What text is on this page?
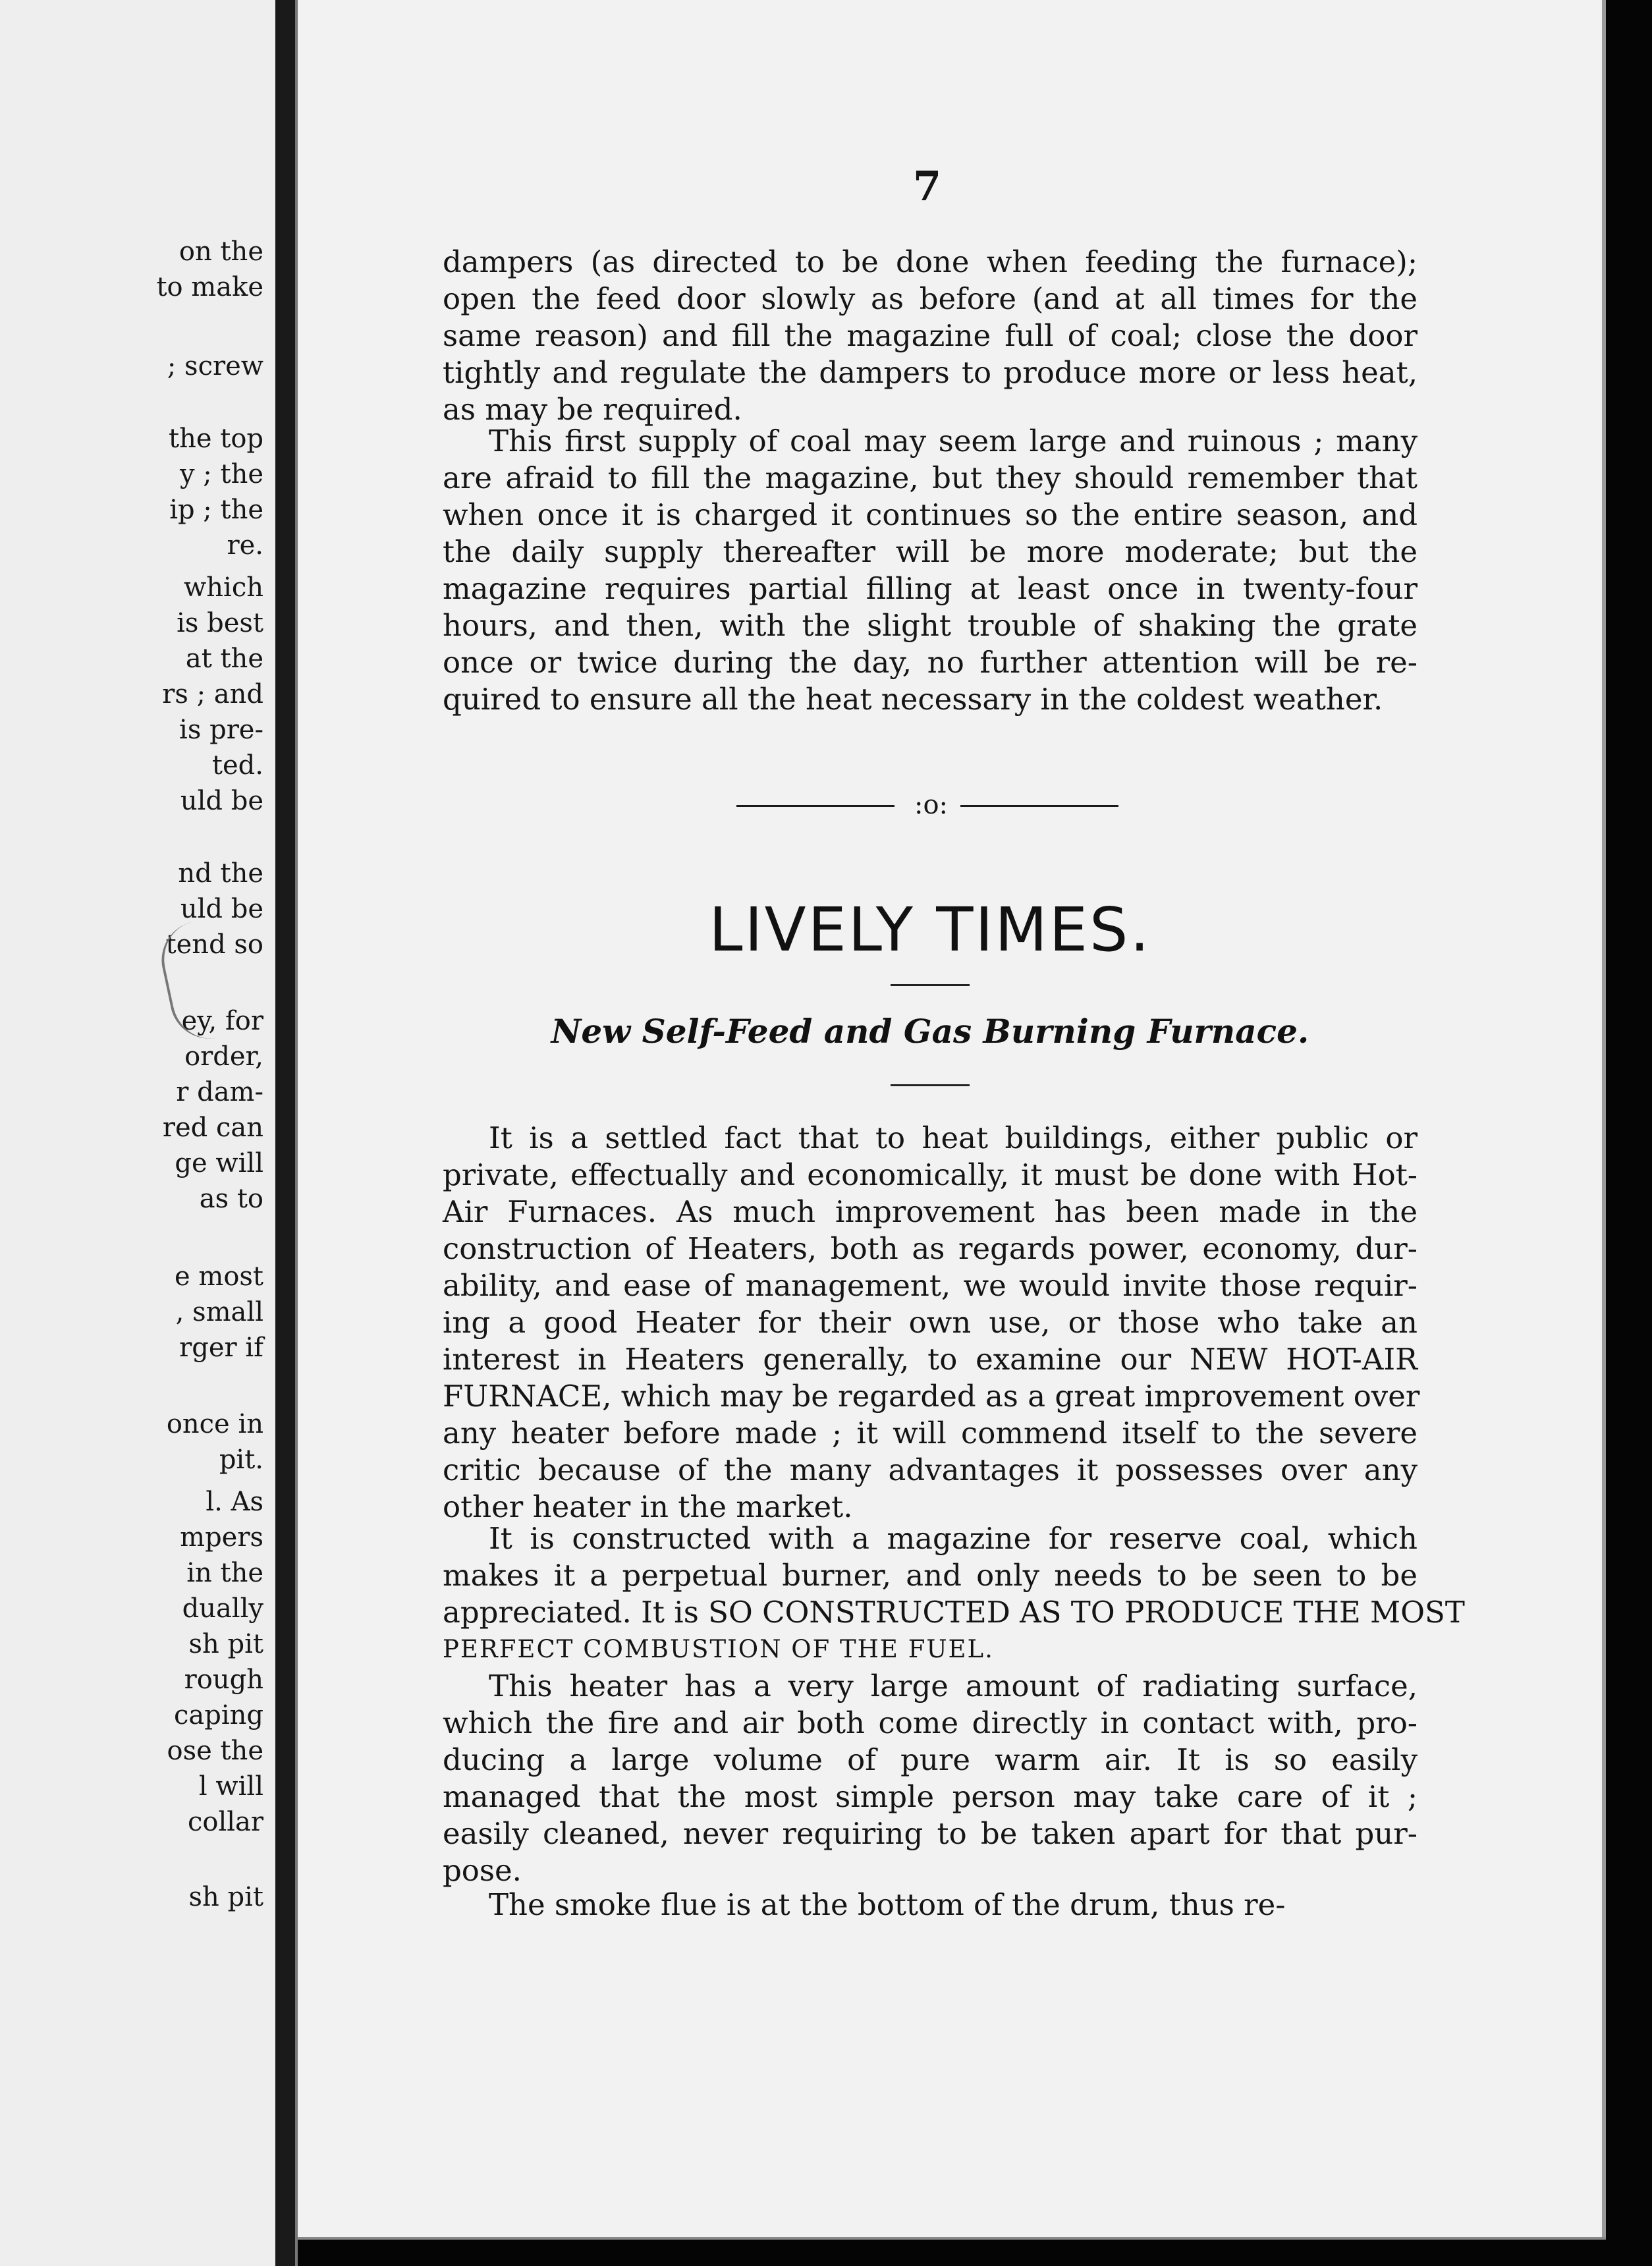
on the
to make
; screw
the top
y ; the
ip ; the
re.
which
is best
at the
rs ; and
is pre-
ted.
uld be
nd the
uld be
tend so
ey, for
order,
r dam-
red can
ge will
as to
e most
, small
rger if
once in
pit.
l. As
mpers
in the
dually
sh pit
rough
caping
ose the
l will
collar
sh pit
7
dampers (as directed to be done when feeding the furnace);
open the feed door slowly as before (and at all times for the
same reason) and fill the magazine full of coal; close the door
tightly and regulate the dampers to produce more or less heat,
as may be required.
This first supply of coal may seem large and ruinous ; many
are afraid to fill the magazine, but they should remember that
when once it is charged it continues so the entire season, and
the daily supply thereafter will be more moderate; but the
magazine requires partial filling at least once in twenty-four
hours, and then, with the slight trouble of shaking the grate
once or twice during the day, no further attention will be re-
quired to ensure all the heat necessary in the coldest weather.
:o:
LIVELY TIMES.
New Self-Feed and Gas Burning Furnace.
It is a settled fact that to heat buildings, either public or
private, effectually and economically, it must be done with Hot-
Air Furnaces. As much improvement has been made in the
construction of Heaters, both as regards power, economy, dur-
ability, and ease of management, we would invite those requir-
ing a good Heater for their own use, or those who take an
interest in Heaters generally, to examine our NEW HOT-AIR
FURNACE, which may be regarded as a great improvement over
any heater before made ; it will commend itself to the severe
critic because of the many advantages it possesses over any
other heater in the market.
It is constructed with a magazine for reserve coal, which
makes it a perpetual burner, and only needs to be seen to be
appreciated. It is SO CONSTRUCTED AS TO PRODUCE THE MOST
PERFECT COMBUSTION OF THE FUEL.
This heater has a very large amount of radiating surface,
which the fire and air both come directly in contact with, pro-
ducing a large volume of pure warm air. It is so easily
managed that the most simple person may take care of it ;
easily cleaned, never requiring to be taken apart for that pur-
pose.
The smoke flue is at the bottom of the drum, thus re-
